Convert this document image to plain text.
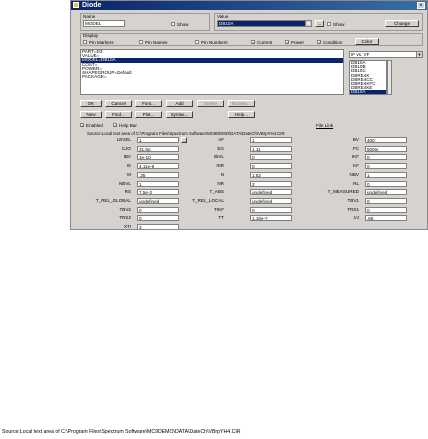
Diode	×
Name
MODEL	Show
Value
DB10A	▼	...	Show	Change
Display
Pin Markers	Pin Names	Pin Numbers	✓ Current	✓ Power	✓ Condition	Color
PART=D3
VALUE=
MODEL=DB10A
COST=
POWER=
SHAPEGROUP=Default
PACKAGE=
IF vs. VF	▼
DB10A
DB10B
DB10C
DBRE4K
DBRE4CC
DBRE4KFC
DBRE4KE
DB10A
OK	Cancel	Font...	Add	Delete	Browse...
New	Find...	Plot...	Syntax...	Help...
✓ Enabled	✓ Help Bar	File Link
Source:Local text area of C:\Program Files\Spectrum Software\MC9DEMO\DATA\DateCh\VBrpYH4.CIR
LEVEL	1	...	AF	1	BV	400
CJO	31.5p	EG	1.11	FC	500m
IBV	1e-10	IBVL	0	IKF	0
IS	4.11e-9	ISR	0	KF	0
M	.35	N	1.52	NBV	1
NBVL	1	NR	2	RL	0
RS	7.5e-2	T_ABS	undefined	T_MEASURED	undefined
T_REL_GLOBAL	undefined	T_REL_LOCAL	undefined	TBV1	0
TBV2	0	TIKF	0	TRS1	0
TRS2	0	TT	1.16e-7	VJ	.65
XTI	3
Source:Local text area of C:\Program Files\Spectrum Software\MC9DEMO\DATA\DateCh\VBrpYH4.CIR
